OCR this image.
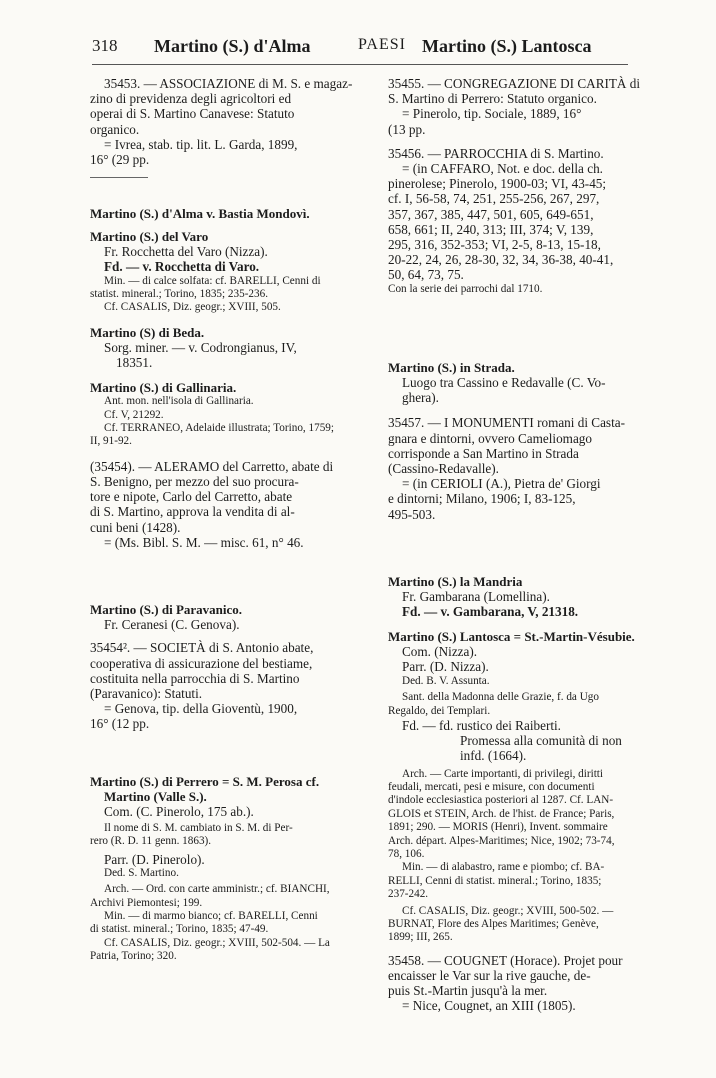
318 Martino (S.) d'Alma	PAESI Martino (S.) Lantosca
35453. — ASSOCIAZIONE di M. S. e magaz-
zino di previdenza degli agricoltori ed
operai di S. Martino Canavese: Statuto
organico.
= Ivrea, stab. tip. lit. L. Garda, 1899,
16° (29 pp.
Martino (S.) d'Alma v. Bastia Mondovì.
Martino (S.) del Varo
Fr. Rocchetta del Varo (Nizza).
Fd. — v. Rocchetta di Varo.
Min. — di calce solfata: cf. BARELLI, Cenni di
statist. mineral.; Torino, 1835; 235-236.
Cf. CASALIS, Diz. geogr.; XVIII, 505.
Martino (S) di Beda.
Sorg. miner. — v. Codrongianus, IV,
18351.
Martino (S.) di Gallinaria.
Ant. mon. nell'isola di Gallinaria.
Cf. V, 21292.
Cf. TERRANEO, Adelaide illustrata; Torino, 1759;
II, 91-92.
(35454). — ALERAMO del Carretto, abate di
S. Benigno, per mezzo del suo procura-
tore e nipote, Carlo del Carretto, abate
di S. Martino, approva la vendita di al-
cuni beni (1428).
= (Ms. Bibl. S. M. — misc. 61, n° 46.
Martino (S.) di Paravanico.
Fr. Ceranesi (C. Genova).
35454². — SOCIETÀ di S. Antonio abate,
cooperativa di assicurazione del bestiame,
costituita nella parrocchia di S. Martino
(Paravanico): Statuti.
= Genova, tip. della Gioventù, 1900,
16° (12 pp.
Martino (S.) di Perrero = S. M. Perosa cf.
Martino (Valle S.).
Com. (C. Pinerolo, 175 ab.).
Il nome di S. M. cambiato in S. M. di Per-
rero (R. D. 11 genn. 1863).
Parr. (D. Pinerolo).
Ded. S. Martino.
Arch. — Ord. con carte amministr.; cf. BIANCHI,
Archivi Piemontesi; 199.
Min. — di marmo bianco; cf. BARELLI, Cenni
di statist. mineral.; Torino, 1835; 47-49.
Cf. CASALIS, Diz. geogr.; XVIII, 502-504. — La
Patria, Torino; 320.
35455. — CONGREGAZIONE DI CARITÀ di
S. Martino di Perrero: Statuto organico.
= Pinerolo, tip. Sociale, 1889, 16°
(13 pp.
35456. — PARROCCHIA di S. Martino.
= (in CAFFARO, Not. e doc. della ch.
pinerolese; Pinerolo, 1900-03; VI, 43-45;
cf. I, 56-58, 74, 251, 255-256, 267, 297,
357, 367, 385, 447, 501, 605, 649-651,
658, 661; II, 240, 313; III, 374; V, 139,
295, 316, 352-353; VI, 2-5, 8-13, 15-18,
20-22, 24, 26, 28-30, 32, 34, 36-38, 40-41,
50, 64, 73, 75.
Con la serie dei parrochi dal 1710.
Martino (S.) in Strada.
Luogo tra Cassino e Redavalle (C. Vo-
ghera).
35457. — I MONUMENTI romani di Casta-
gnara e dintorni, ovvero Cameliomago
corrisponde a San Martino in Strada
(Cassino-Redavalle).
= (in CERIOLI (A.), Pietra de' Giorgi
e dintorni; Milano, 1906; I, 83-125,
495-503.
Martino (S.) la Mandria
Fr. Gambarana (Lomellina).
Fd. — v. Gambarana, V, 21318.
Martino (S.) Lantosca = St.-Martin-Vésubie.
Com. (Nizza).
Parr. (D. Nizza).
Ded. B. V. Assunta.
Sant. della Madonna delle Grazie, f. da Ugo
Regaldo, dei Templari.
Fd. — fd. rustico dei Raiberti.
Promessa alla comunità di non
infd. (1664).
Arch. — Carte importanti, di privilegi, diritti
feudali, mercati, pesi e misure, con documenti
d'indole ecclesiastica posteriori al 1287. Cf. LAN-
GLOIS et STEIN, Arch. de l'hist. de France; Paris,
1891; 290. — MORIS (Henri), Invent. sommaire
Arch. départ. Alpes-Maritimes; Nice, 1902; 73-74,
78, 106.
Min. — di alabastro, rame e piombo; cf. BA-
RELLI, Cenni di statist. mineral.; Torino, 1835;
237-242.
Cf. CASALIS, Diz. geogr.; XVIII, 500-502. —
BURNAT, Flore des Alpes Maritimes; Genève,
1899; III, 265.
35458. — COUGNET (Horace). Projet pour
encaisser le Var sur la rive gauche, de-
puis St.-Martin jusqu'à la mer.
= Nice, Cougnet, an XIII (1805).
